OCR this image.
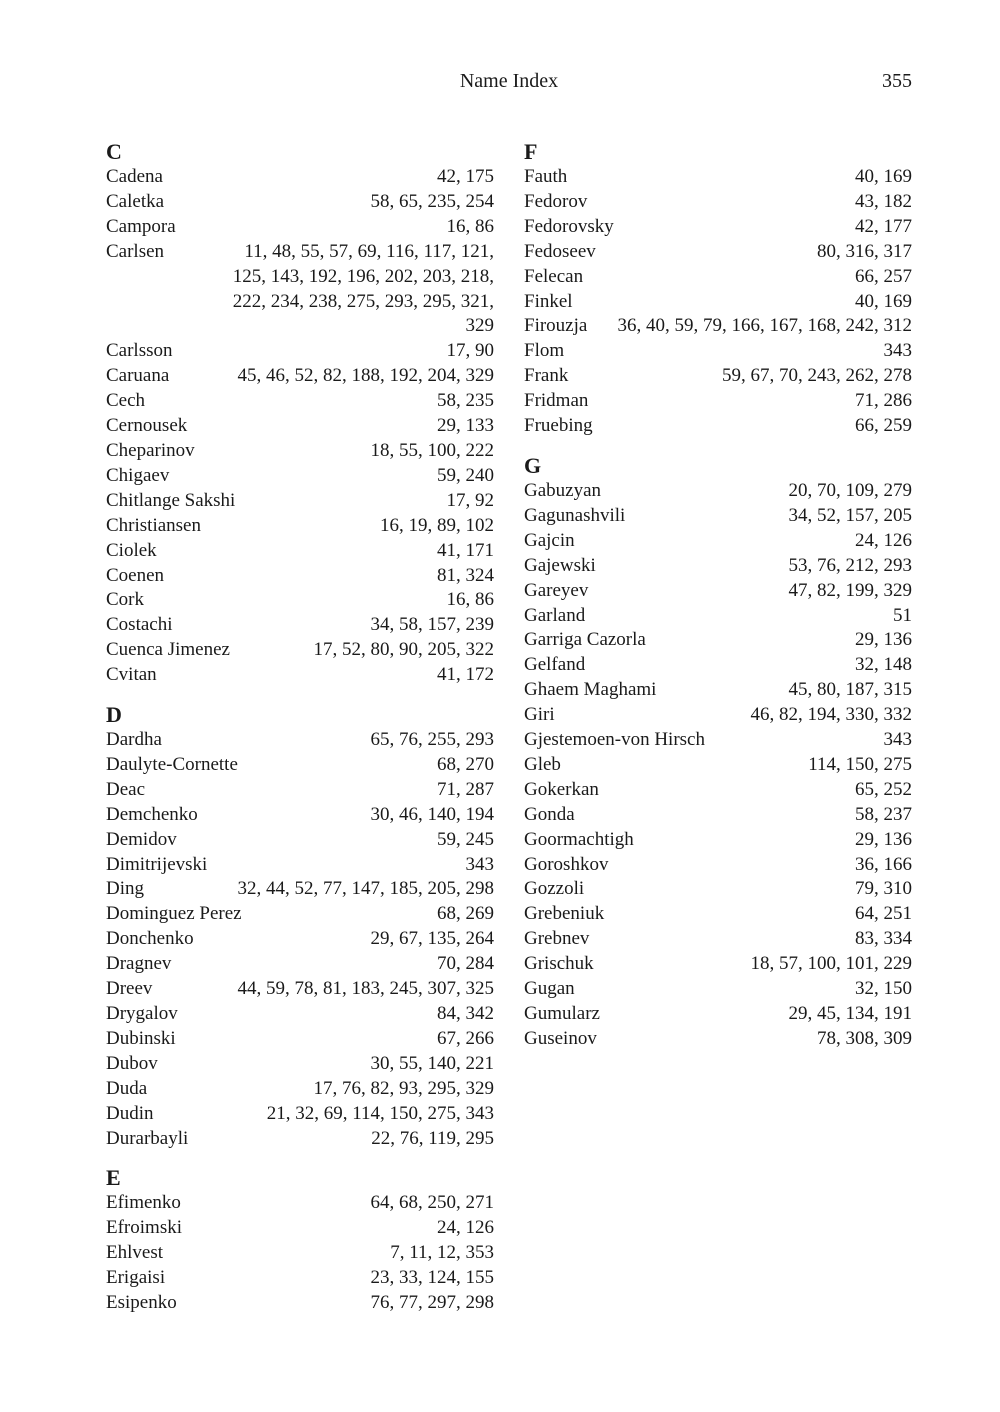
Name Index	355
C
Cadena	42, 175
Caletka	58, 65, 235, 254
Campora	16, 86
Carlsen	11, 48, 55, 57, 69, 116, 117, 121, 125, 143, 192, 196, 202, 203, 218, 222, 234, 238, 275, 293, 295, 321, 329
Carlsson	17, 90
Caruana	45, 46, 52, 82, 188, 192, 204, 329
Cech	58, 235
Cernousek	29, 133
Cheparinov	18, 55, 100, 222
Chigaev	59, 240
Chitlange Sakshi	17, 92
Christiansen	16, 19, 89, 102
Ciolek	41, 171
Coenen	81, 324
Cork	16, 86
Costachi	34, 58, 157, 239
Cuenca Jimenez	17, 52, 80, 90, 205, 322
Cvitan	41, 172
D
Dardha	65, 76, 255, 293
Daulyte-Cornette	68, 270
Deac	71, 287
Demchenko	30, 46, 140, 194
Demidov	59, 245
Dimitrijevski	343
Ding	32, 44, 52, 77, 147, 185, 205, 298
Dominguez Perez	68, 269
Donchenko	29, 67, 135, 264
Dragnev	70, 284
Dreev	44, 59, 78, 81, 183, 245, 307, 325
Drygalov	84, 342
Dubinski	67, 266
Dubov	30, 55, 140, 221
Duda	17, 76, 82, 93, 295, 329
Dudin	21, 32, 69, 114, 150, 275, 343
Durarbayli	22, 76, 119, 295
E
Efimenko	64, 68, 250, 271
Efroimski	24, 126
Ehlvest	7, 11, 12, 353
Erigaisi	23, 33, 124, 155
Esipenko	76, 77, 297, 298
F
Fauth	40, 169
Fedorov	43, 182
Fedorovsky	42, 177
Fedoseev	80, 316, 317
Felecan	66, 257
Finkel	40, 169
Firouzja 36, 40, 59, 79, 166, 167, 168, 242, 312
Flom	343
Frank	59, 67, 70, 243, 262, 278
Fridman	71, 286
Fruebing	66, 259
G
Gabuzyan	20, 70, 109, 279
Gagunashvili	34, 52, 157, 205
Gajcin	24, 126
Gajewski	53, 76, 212, 293
Gareyev	47, 82, 199, 329
Garland	51
Garriga Cazorla	29, 136
Gelfand	32, 148
Ghaem Maghami	45, 80, 187, 315
Giri	46, 82, 194, 330, 332
Gjestemoen-von Hirsch	343
Gleb	114, 150, 275
Gokerkan	65, 252
Gonda	58, 237
Goormachtigh	29, 136
Goroshkov	36, 166
Gozzoli	79, 310
Grebeniuk	64, 251
Grebnev	83, 334
Grischuk	18, 57, 100, 101, 229
Gugan	32, 150
Gumularz	29, 45, 134, 191
Guseinov	78, 308, 309
